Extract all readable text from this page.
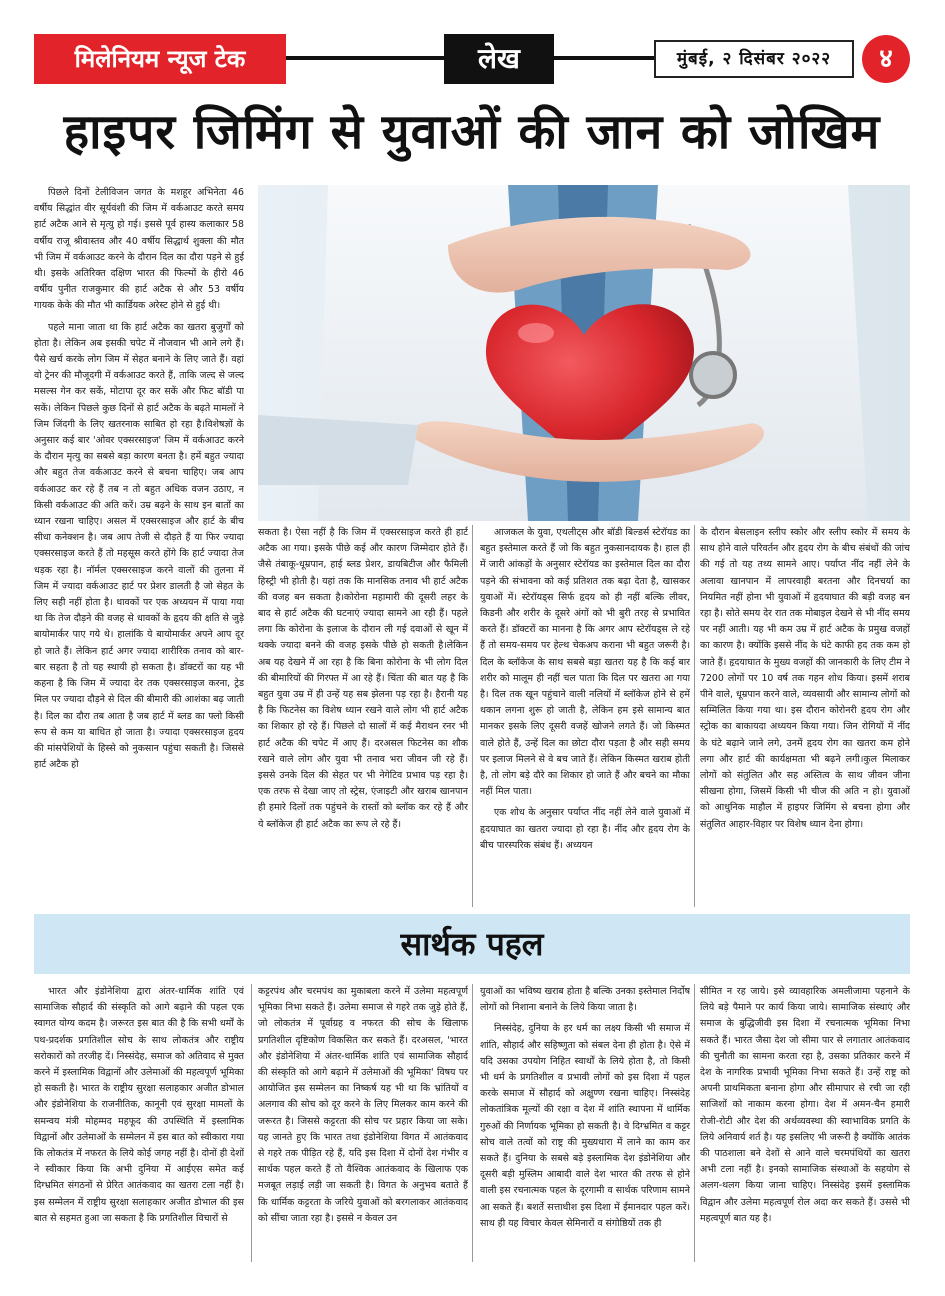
मिलेनियम न्यूज टेक	लेख	मुंबई, २ दिसंबर २०२२	४
हाइपर जिमिंग से युवाओं की जान को जोखिम

पिछले दिनों टेलीविजन जगत के मशहूर अभिनेता 46 वर्षीय सिद्धांत वीर सूर्यवंशी की जिम में वर्कआउट करते समय हार्ट अटैक आने से मृत्यु हो गई। इससे पूर्व हास्य कलाकार 58 वर्षीय राजू श्रीवास्तव और 40 वर्षीय सिद्धार्थ शुक्ला की मौत भी जिम में वर्कआउट करने के दौरान दिल का दौरा पड़ने से हुई थी। इसके अतिरिक्त दक्षिण भारत की फिल्मों के हीरो 46 वर्षीय पुनीत राजकुमार की हार्ट अटैक से और 53 वर्षीय गायक केके की मौत भी कार्डियक अरेस्ट होने से हुई थी।

पहले माना जाता था कि हार्ट अटैक का खतरा बुजुर्गों को होता है। लेकिन अब इसकी चपेट में नौजवान भी आने लगे हैं। पैसे खर्च करके लोग जिम में सेहत बनाने के लिए जाते हैं। वहां वो ट्रेनर की मौजूदगी में वर्कआउट करते हैं, ताकि जल्द से जल्द मसल्स गेन कर सकें, मोटापा दूर कर सकें और फिट बॉडी पा सकें। लेकिन पिछले कुछ दिनों से हार्ट अटैक के बढ़ते मामलों ने जिम जिंदगी के लिए खतरनाक साबित हो रहा है।विशेषज्ञों के अनुसार कई बार 'ओवर एक्सरसाइज' जिम में वर्कआउट करने के दौरान मृत्यु का सबसे बड़ा कारण बनता है। हमें बहुत ज्यादा और बहुत तेज वर्कआउट करने से बचना चाहिए। जब आप वर्कआउट कर रहे हैं तब न तो बहुत अधिक वजन उठाए, न किसी वर्कआउट की अति करें। उम्र बढ़ने के साथ इन बातों का ध्यान रखना चाहिए। असल में एक्सरसाइज और हार्ट के बीच सीधा कनेक्शन है। जब आप तेजी से दौड़ते हैं या फिर ज्यादा एक्सरसाइज करते हैं तो महसूस करते होंगे कि हार्ट ज्यादा तेज धड़क रहा है। नॉर्मल एक्सरसाइज करने वालों की तुलना में जिम में ज्यादा वर्कआउट हार्ट पर प्रेशर डालती है जो सेहत के लिए सही नहीं होता है। धावकों पर एक अध्ययन में पाया गया था कि तेज दौड़ने की वजह से धावकों के हृदय की क्षति से जुड़े बायोमार्कर पाए गये थे। हालांकि ये बायोमार्कर अपने आप दूर हो जाते हैं। लेकिन हार्ट अगर ज्यादा शारीरिक तनाव को बार-बार सहता है तो यह स्थायी हो सकता है। डॉक्टरों का यह भी कहना है कि जिम में ज्यादा देर तक एक्सरसाइज करना, ट्रेड मिल पर ज्यादा दौड़ने से दिल की बीमारी की आशंका बढ़ जाती है। दिल का दौरा तब आता है जब हार्ट में ब्लड का फ्लो किसी रूप से कम या बाधित हो जाता है। ज्यादा एक्सरसाइज हृदय की मांसपेशियों के हिस्से को नुकसान पहुंचा सकती है। जिससे हार्ट अटैक हो

सकता है। ऐसा नहीं है कि जिम में एक्सरसाइज करते ही हार्ट अटैक आ गया। इसके पीछे कई और कारण जिम्मेदार होते हैं। जैसे तंबाकू-धूम्रपान, हाई ब्लड प्रेशर, डायबिटीज और फैमिली हिस्ट्री भी होती है। यहां तक कि मानसिक तनाव भी हार्ट अटैक की वजह बन सकता है।कोरोना महामारी की दूसरी लहर के बाद से हार्ट अटैक की घटनाएं ज्यादा सामने आ रही हैं। पहले लगा कि कोरोना के इलाज के दौरान ली गई दवाओं से खून में थक्के ज्यादा बनने की वजह इसके पीछे हो सकती है।लेकिन अब यह देखने में आ रहा है कि बिना कोरोना के भी लोग दिल की बीमारियों की गिरफ्त में आ रहे हैं। चिंता की बात यह है कि बहुत युवा उम्र में ही उन्हें यह सब झेलना पड़ रहा है। हैरानी यह है कि फिटनेस का विशेष ध्यान रखने वाले लोग भी हार्ट अटैक का शिकार हो रहे हैं। पिछले दो सालों में कई मैराथन रनर भी हार्ट अटैक की चपेट में आए हैं। दरअसल फिटनेस का शौक रखने वाले लोग और युवा भी तनाव भरा जीवन जी रहे हैं। इससे उनके दिल की सेहत पर भी नेगेटिव प्रभाव पड़ रहा है। एक तरफ से देखा जाए तो स्ट्रेस, एंजाइटी और खराब खानपान ही हमारे दिलों तक पहुंचने के रास्तों को ब्लॉक कर रहे हैं और ये ब्लॉकेज ही हार्ट अटैक का रूप ले रहे हैं।

आजकल के युवा, एथलीट्स और बॉडी बिल्डर्स स्टेरॉयड का बहुत इस्तेमाल करते हैं जो कि बहुत नुकसानदायक है। हाल ही में जारी आंकड़ों के अनुसार स्टेरॉयड का इस्तेमाल दिल का दौरा पड़ने की संभावना को कई प्रतिशत तक बढ़ा देता है, खासकर युवाओं में। स्टेरॉयड्स सिर्फ हृदय को ही नहीं बल्कि लीवर, किडनी और शरीर के दूसरे अंगों को भी बुरी तरह से प्रभावित करते हैं। डॉक्टरों का मानना है कि अगर आप स्टेरॉयड्स ले रहे हैं तो समय-समय पर हेल्थ चेकअप कराना भी बहुत जरूरी है। दिल के ब्लॉकेज के साथ सबसे बड़ा खतरा यह है कि कई बार शरीर को मालूम ही नहीं चल पाता कि दिल पर खतरा आ गया है। दिल तक खून पहुंचाने वाली नलियों में ब्लॉकेज होने से हमें थकान लगना शुरू हो जाती है, लेकिन हम इसे सामान्य बात मानकर इसके लिए दूसरी वजहें खोजने लगते हैं। जो किस्मत वाले होते हैं, उन्हें दिल का छोटा दौरा पड़ता है और सही समय पर इलाज मिलने से वे बच जाते हैं। लेकिन किस्मत खराब होती है, तो लोग बड़े दौरे का शिकार हो जाते हैं और बचने का मौका नहीं मिल पाता।

एक शोध के अनुसार पर्याप्त नींद नहीं लेने वाले युवाओं में हृदयाघात का खतरा ज्यादा हो रहा है। नींद और हृदय रोग के बीच पारस्परिक संबंध हैं। अध्ययन

के दौरान बेसलाइन स्लीप स्कोर और स्लीप स्कोर में समय के साथ होने वाले परिवर्तन और हृदय रोग के बीच संबंधों की जांच की गई तो यह तथ्य सामने आए। पर्याप्त नींद नहीं लेने के अलावा खानपान में लापरवाही बरतना और दिनचर्या का नियमित नहीं होना भी युवाओं में हृदयाघात की बड़ी वजह बन रहा है। सोते समय देर रात तक मोबाइल देखने से भी नींद समय पर नहीं आती। यह भी कम उम्र में हार्ट अटैक के प्रमुख वजहों का कारण है। क्योंकि इससे नींद के घंटे काफी हद तक कम हो जाते हैं। हृदयाघात के मुख्य वजहों की जानकारी के लिए टीम ने 7200 लोगों पर 10 वर्ष तक गहन शोध किया। इसमें शराब पीने वाले, धूम्रपान करने वाले, व्यवसायी और सामान्य लोगों को सम्मिलित किया गया था। इस दौरान कोरोनरी हृदय रोग और स्ट्रोक का बाकायदा अध्ययन किया गया। जिन रोगियों में नींद के घंटे बढ़ाने जाने लगे, उनमें हृदय रोग का खतरा कम होने लगा और हार्ट की कार्यक्षमता भी बढ़ने लगी।कुल मिलाकर लोगों को संतुलित और सह अस्तित्व के साथ जीवन जीना सीखना होगा, जिसमें किसी भी चीज की अति न हो। युवाओं को आधुनिक माहौल में हाइपर जिमिंग से बचना होगा और संतुलित आहार-विहार पर विशेष ध्यान देना होगा।

सार्थक पहल

भारत और इंडोनेशिया द्वारा अंतर-धार्मिक शांति एवं सामाजिक सौहार्द की संस्कृति को आगे बढ़ाने की पहल एक स्वागत योग्य कदम है। जरूरत इस बात की है कि सभी धर्मों के पथ-प्रदर्शक प्रगतिशील सोच के साथ लोकतंत्र और राष्ट्रीय सरोकारों को तरजीह दें। निस्संदेह, समाज को अतिवाद से मुक्त करने में इस्लामिक विद्वानों और उलेमाओं की महत्वपूर्ण भूमिका हो सकती है। भारत के राष्ट्रीय सुरक्षा सलाहकार अजीत डोभाल और इंडोनेशिया के राजनीतिक, कानूनी एवं सुरक्षा मामलों के समन्वय मंत्री मोहम्मद महफूद की उपस्थिति में इस्लामिक विद्वानों और उलेमाओं के सम्मेलन में इस बात को स्वीकारा गया कि लोकतंत्र में नफरत के लिये कोई जगह नहीं है। दोनों ही देशों ने स्वीकार किया कि अभी दुनिया में आईएस समेत कई दिग्भ्रमित संगठनों से प्रेरित आतंकवाद का खतरा टला नहीं है। इस सम्मेलन में राष्ट्रीय सुरक्षा सलाहकार अजीत डोभाल की इस बात से सहमत हुआ जा सकता है कि प्रगतिशील विचारों से

कट्टरपंथ और चरमपंथ का मुकाबला करने में उलेमा महत्वपूर्ण भूमिका निभा सकते हैं। उलेमा समाज से गहरे तक जुड़े होते हैं, जो लोकतंत्र में पूर्वाग्रह व नफरत की सोच के खिलाफ प्रगतिशील दृष्टिकोण विकसित कर सकते हैं। दरअसल, 'भारत और इंडोनेशिया में अंतर-धार्मिक शांति एवं सामाजिक सौहार्द की संस्कृति को आगे बढ़ाने में उलेमाओं की भूमिका' विषय पर आयोजित इस सम्मेलन का निष्कर्ष यह भी था कि भ्रांतियों व अलगाव की सोच को दूर करने के लिए मिलकर काम करने की जरूरत है। जिससे कट्टरता की सोच पर प्रहार किया जा सके। यह जानते हुए कि भारत तथा इंडोनेशिया विगत में आतंकवाद से गहरे तक पीड़ित रहे हैं, यदि इस दिशा में दोनों देश गंभीर व सार्थक पहल करते हैं तो वैश्विक आतंकवाद के खिलाफ एक मजबूत लड़ाई लड़ी जा सकती है। विगत के अनुभव बताते हैं कि धार्मिक कट्टरता के जरिये युवाओं को बरगलाकर आतंकवाद को सींचा जाता रहा है। इससे न केवल उन

युवाओं का भविष्य खराब होता है बल्कि उनका इस्तेमाल निर्दोष लोगों को निशाना बनाने के लिये किया जाता है।

निस्संदेह, दुनिया के हर धर्म का लक्ष्य किसी भी समाज में शांति, सौहार्द और सहिष्णुता को संबल देना ही होता है। ऐसे में यदि उसका उपयोग निहित स्वार्थों के लिये होता है, तो किसी भी धर्म के प्रगतिशील व प्रभावी लोगों को इस दिशा में पहल करके समाज में सौहार्द को अक्षुण्ण रखना चाहिए। निस्संदेह लोकतांत्रिक मूल्यों की रक्षा व देश में शांति स्थापना में धार्मिक गुरुओं की निर्णायक भूमिका हो सकती है। वे दिग्भ्रमित व कट्टर सोच वाले तत्वों को राष्ट्र की मुख्यधारा में लाने का काम कर सकते हैं। दुनिया के सबसे बड़े इस्लामिक देश इंडोनेशिया और दूसरी बड़ी मुस्लिम आबादी वाले देश भारत की तरफ से होने वाली इस रचनात्मक पहल के दूरगामी व सार्थक परिणाम सामने आ सकते हैं। बशर्ते सत्ताधीश इस दिशा में ईमानदार पहल करें। साथ ही यह विचार केवल सेमिनारों व संगोष्ठियों तक ही

सीमित न रह जाये। इसे व्यावहारिक अमलीजामा पहनाने के लिये बड़े पैमाने पर कार्य किया जाये। सामाजिक संस्थाएं और समाज के बुद्धिजीवी इस दिशा में रचनात्मक भूमिका निभा सकते हैं। भारत जैसा देश जो सीमा पार से लगातार आतंकवाद की चुनौती का सामना करता रहा है, उसका प्रतिकार करने में देश के नागरिक प्रभावी भूमिका निभा सकते हैं। उन्हें राष्ट्र को अपनी प्राथमिकता बनाना होगा और सीमापार से रची जा रही साजिशों को नाकाम करना होगा। देश में अमन-चैन हमारी रोजी-रोटी और देश की अर्थव्यवस्था की स्वाभाविक प्रगति के लिये अनिवार्य शर्त है। यह इसलिए भी जरूरी है क्योंकि आतंक की पाठशाला बने देशों से आने वाले चरमपंथियों का खतरा अभी टला नहीं है। इनको सामाजिक संस्थाओं के सहयोग से अलग-थलग किया जाना चाहिए। निस्संदेह इसमें इस्लामिक विद्वान और उलेमा महत्वपूर्ण रोल अदा कर सकते हैं। उससे भी महत्वपूर्ण बात यह है।
